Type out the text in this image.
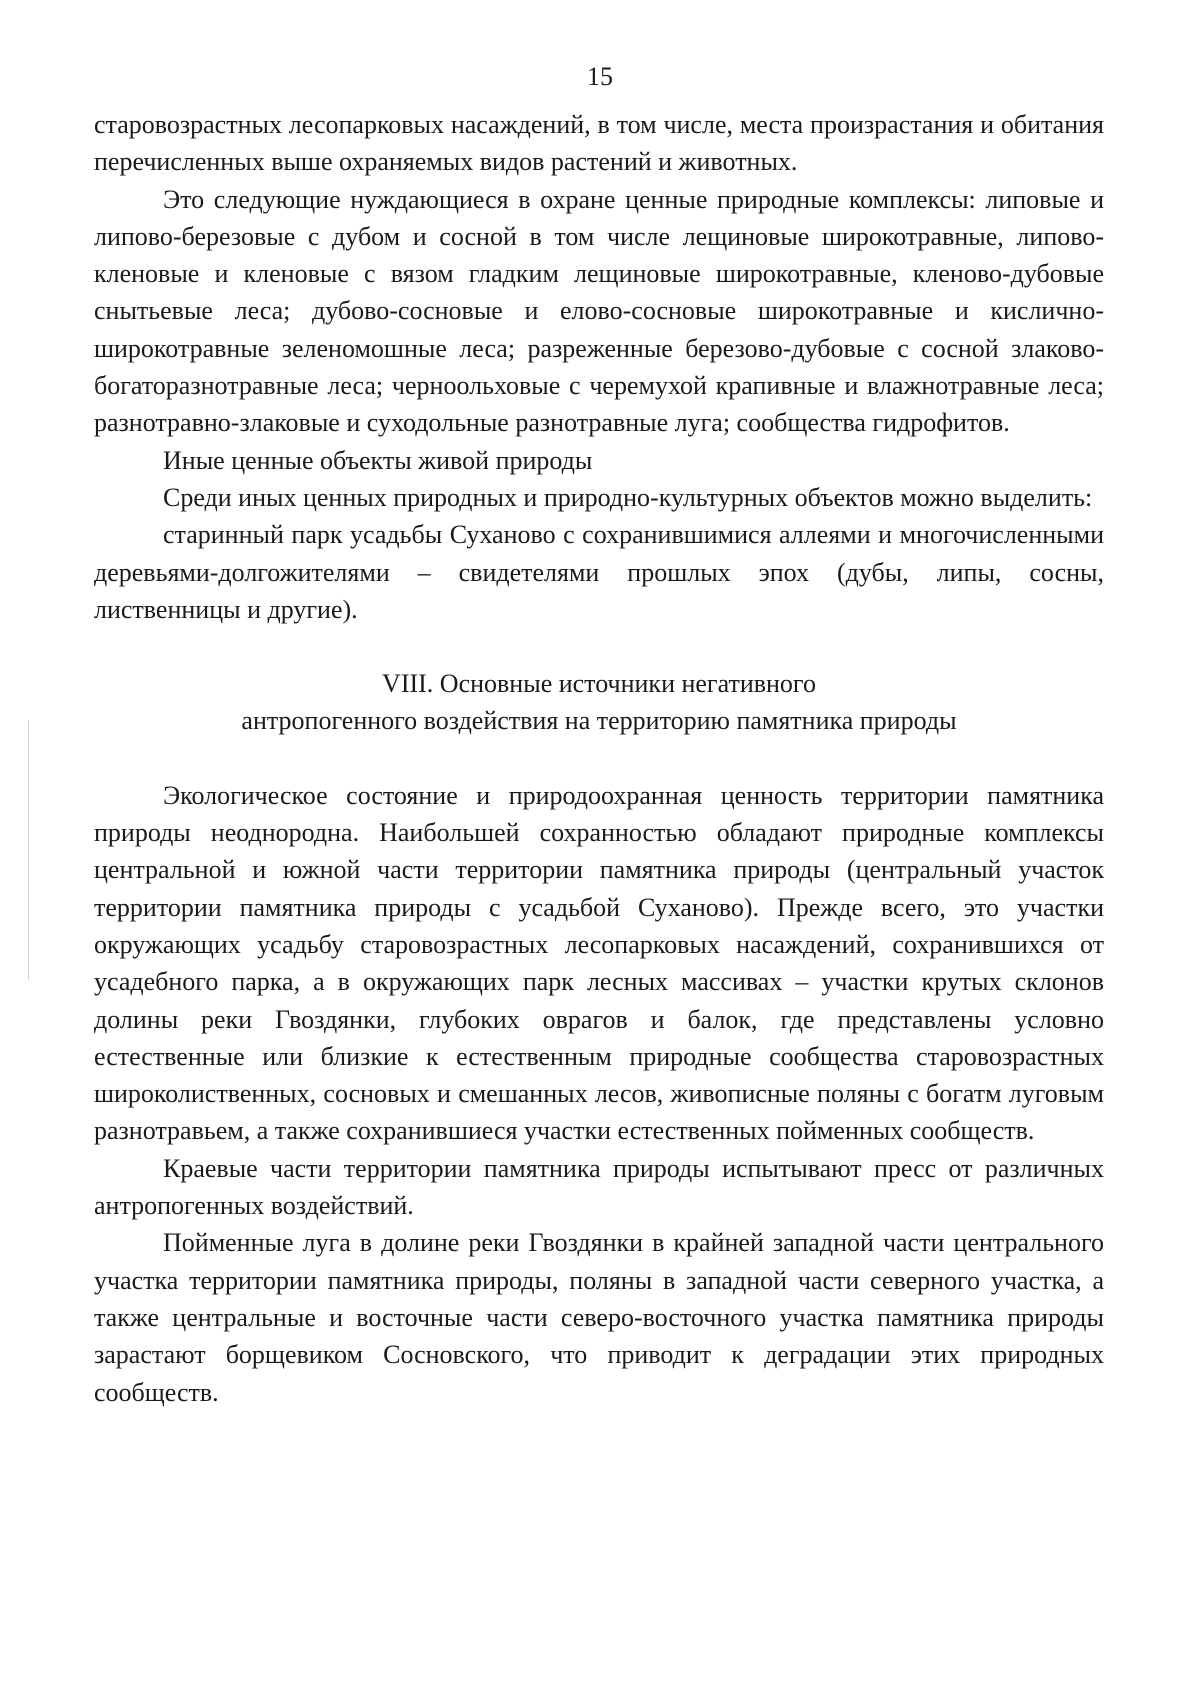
15

старовозрастных лесопарковых насаждений, в том числе, места произрастания и обитания перечисленных выше охраняемых видов растений и животных.

Это следующие нуждающиеся в охране ценные природные комплексы: липовые и липово-березовые с дубом и сосной в том числе лещиновые широкотравные, липово-кленовые и кленовые с вязом гладким лещиновые широкотравные, кленово-дубовые снытьевые леса; дубово-сосновые и елово-сосновые широкотравные и кислично-широкотравные зеленомошные леса; разреженные березово-дубовые с сосной злаково-богаторазнотравные леса; черноольховые с черемухой крапивные и влажнотравные леса; разнотравно-злаковые и суходольные разнотравные луга; сообщества гидрофитов.

Иные ценные объекты живой природы

Среди иных ценных природных и природно-культурных объектов можно выделить:

старинный парк усадьбы Суханово с сохранившимися аллеями и многочисленными деревьями-долгожителями – свидетелями прошлых эпох (дубы, липы, сосны, лиственницы и другие).

VIII. Основные источники негативного
антропогенного воздействия на территорию памятника природы

Экологическое состояние и природоохранная ценность территории памятника природы неоднородна. Наибольшей сохранностью обладают природные комплексы центральной и южной части территории памятника природы (центральный участок территории памятника природы с усадьбой Суханово). Прежде всего, это участки окружающих усадьбу старовозрастных лесопарковых насаждений, сохранившихся от усадебного парка, а в окружающих парк лесных массивах – участки крутых склонов долины реки Гвоздянки, глубоких оврагов и балок, где представлены условно естественные или близкие к естественным природные сообщества старовозрастных широколиственных, сосновых и смешанных лесов, живописные поляны с богатм луговым разнотравьем, а также сохранившиеся участки естественных пойменных сообществ.

Краевые части территории памятника природы испытывают пресс от различных антропогенных воздействий.

Пойменные луга в долине реки Гвоздянки в крайней западной части центрального участка территории памятника природы, поляны в западной части северного участка, а также центральные и восточные части северо-восточного участка памятника природы зарастают борщевиком Сосновского, что приводит к деградации этих природных сообществ.
